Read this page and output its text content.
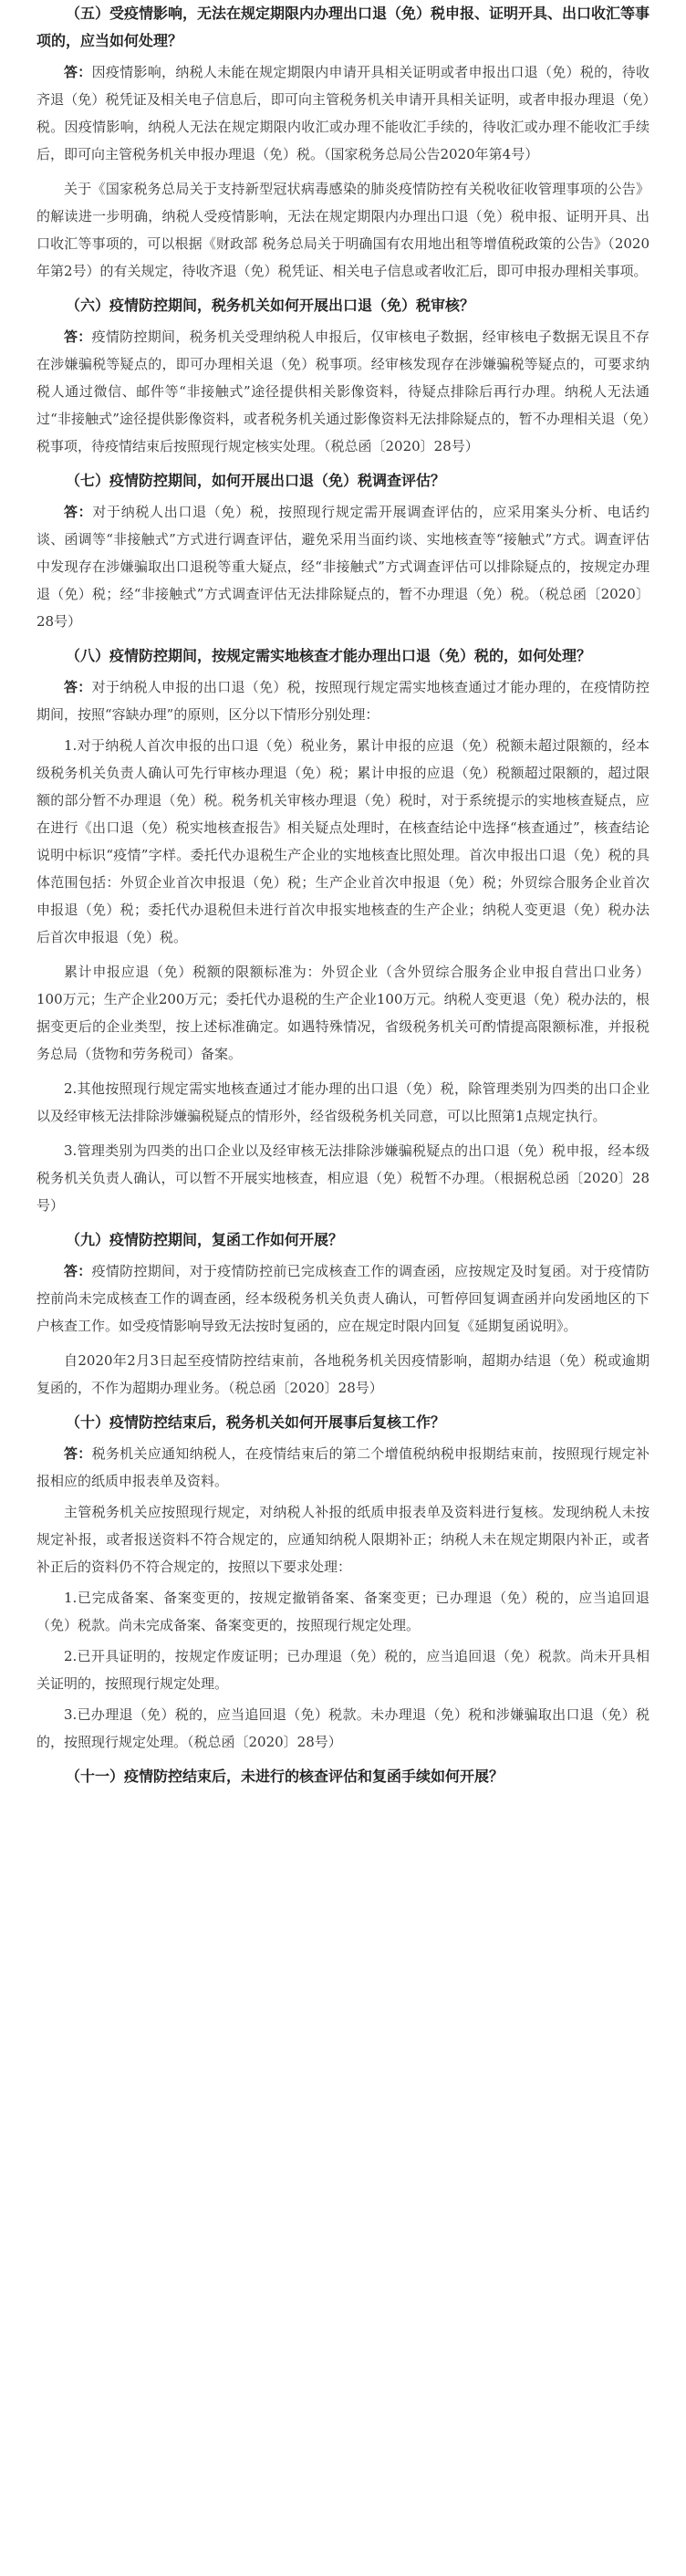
（五）受疫情影响，无法在规定期限内办理出口退（免）税申报、证明开具、出口收汇等事项的，应当如何处理？
答：因疫情影响，纳税人未能在规定期限内申请开具相关证明或者申报出口退（免）税的，待收齐退（免）税凭证及相关电子信息后，即可向主管税务机关申请开具相关证明，或者申报办理退（免）税。因疫情影响，纳税人无法在规定期限内收汇或办理不能收汇手续的，待收汇或办理不能收汇手续后，即可向主管税务机关申报办理退（免）税。（国家税务总局公告2020年第4号）
关于《国家税务总局关于支持新型冠状病毒感染的肺炎疫情防控有关税收征收管理事项的公告》的解读进一步明确，纳税人受疫情影响，无法在规定期限内办理出口退（免）税申报、证明开具、出口收汇等事项的，可以根据《财政部 税务总局关于明确国有农用地出租等增值税政策的公告》（2020年第2号）的有关规定，待收齐退（免）税凭证、相关电子信息或者收汇后，即可申报办理相关事项。
（六）疫情防控期间，税务机关如何开展出口退（免）税审核？
答：疫情防控期间，税务机关受理纳税人申报后，仅审核电子数据，经审核电子数据无误且不存在涉嫌骗税等疑点的，即可办理相关退（免）税事项。经审核发现存在涉嫌骗税等疑点的，可要求纳税人通过微信、邮件等“非接触式”途径提供相关影像资料，待疑点排除后再行办理。纳税人无法通过“非接触式”途径提供影像资料，或者税务机关通过影像资料无法排除疑点的，暂不办理相关退（免）税事项，待疫情结束后按照现行规定核实处理。（税总函〔2020〕28号）
（七）疫情防控期间，如何开展出口退（免）税调查评估？
答：对于纳税人出口退（免）税，按照现行规定需开展调查评估的，应采用案头分析、电话约谈、函调等“非接触式”方式进行调查评估，避免采用当面约谈、实地核查等“接触式”方式。调查评估中发现存在涉嫌骗取出口退税等重大疑点，经“非接触式”方式调查评估可以排除疑点的，按规定办理退（免）税；经“非接触式”方式调查评估无法排除疑点的，暂不办理退（免）税。（税总函〔2020〕28号）
（八）疫情防控期间，按规定需实地核查才能办理出口退（免）税的，如何处理？
答：对于纳税人申报的出口退（免）税，按照现行规定需实地核查通过才能办理的，在疫情防控期间，按照“容缺办理”的原则，区分以下情形分别处理：
1.对于纳税人首次申报的出口退（免）税业务，累计申报的应退（免）税额未超过限额的，经本级税务机关负责人确认可先行审核办理退（免）税；累计申报的应退（免）税额超过限额的，超过限额的部分暂不办理退（免）税。税务机关审核办理退（免）税时，对于系统提示的实地核查疑点，应在进行《出口退（免）税实地核查报告》相关疑点处理时，在核查结论中选择“核查通过”，核查结论说明中标识“疫情”字样。委托代办退税生产企业的实地核查比照处理。首次申报出口退（免）税的具体范围包括：外贸企业首次申报退（免）税；生产企业首次申报退（免）税；外贸综合服务企业首次申报退（免）税；委托代办退税但未进行首次申报实地核查的生产企业；纳税人变更退（免）税办法后首次申报退（免）税。
累计申报应退（免）税额的限额标准为：外贸企业（含外贸综合服务企业申报自营出口业务）100万元；生产企业200万元；委托代办退税的生产企业100万元。纳税人变更退（免）税办法的，根据变更后的企业类型，按上述标准确定。如遇特殊情况，省级税务机关可酌情提高限额标准，并报税务总局（货物和劳务税司）备案。
2.其他按照现行规定需实地核查通过才能办理的出口退（免）税，除管理类别为四类的出口企业以及经审核无法排除涉嫌骗税疑点的情形外，经省级税务机关同意，可以比照第1点规定执行。
3.管理类别为四类的出口企业以及经审核无法排除涉嫌骗税疑点的出口退（免）税申报，经本级税务机关负责人确认，可以暂不开展实地核查，相应退（免）税暂不办理。（根据税总函〔2020〕28号）
（九）疫情防控期间，复函工作如何开展？
答：疫情防控期间，对于疫情防控前已完成核查工作的调查函，应按规定及时复函。对于疫情防控前尚未完成核查工作的调查函，经本级税务机关负责人确认，可暂停回复调查函并向发函地区的下户核查工作。如受疫情影响导致无法按时复函的，应在规定时限内回复《延期复函说明》。
自2020年2月3日起至疫情防控结束前，各地税务机关因疫情影响，超期办结退（免）税或逾期复函的，不作为超期办理业务。（税总函〔2020〕28号）
（十）疫情防控结束后，税务机关如何开展事后复核工作？
答：税务机关应通知纳税人，在疫情结束后的第二个增值税纳税申报期结束前，按照现行规定补报相应的纸质申报表单及资料。
主管税务机关应按照现行规定，对纳税人补报的纸质申报表单及资料进行复核。发现纳税人未按规定补报，或者报送资料不符合规定的，应通知纳税人限期补正；纳税人未在规定期限内补正，或者补正后的资料仍不符合规定的，按照以下要求处理：
1.已完成备案、备案变更的，按规定撤销备案、备案变更；已办理退（免）税的，应当追回退（免）税款。尚未完成备案、备案变更的，按照现行规定处理。
2.已开具证明的，按规定作废证明；已办理退（免）税的，应当追回退（免）税款。尚未开具相关证明的，按照现行规定处理。
3.已办理退（免）税的，应当追回退（免）税款。未办理退（免）税和涉嫌骗取出口退（免）税的，按照现行规定处理。（税总函〔2020〕28号）
（十一）疫情防控结束后，未进行的核查评估和复函手续如何开展？
